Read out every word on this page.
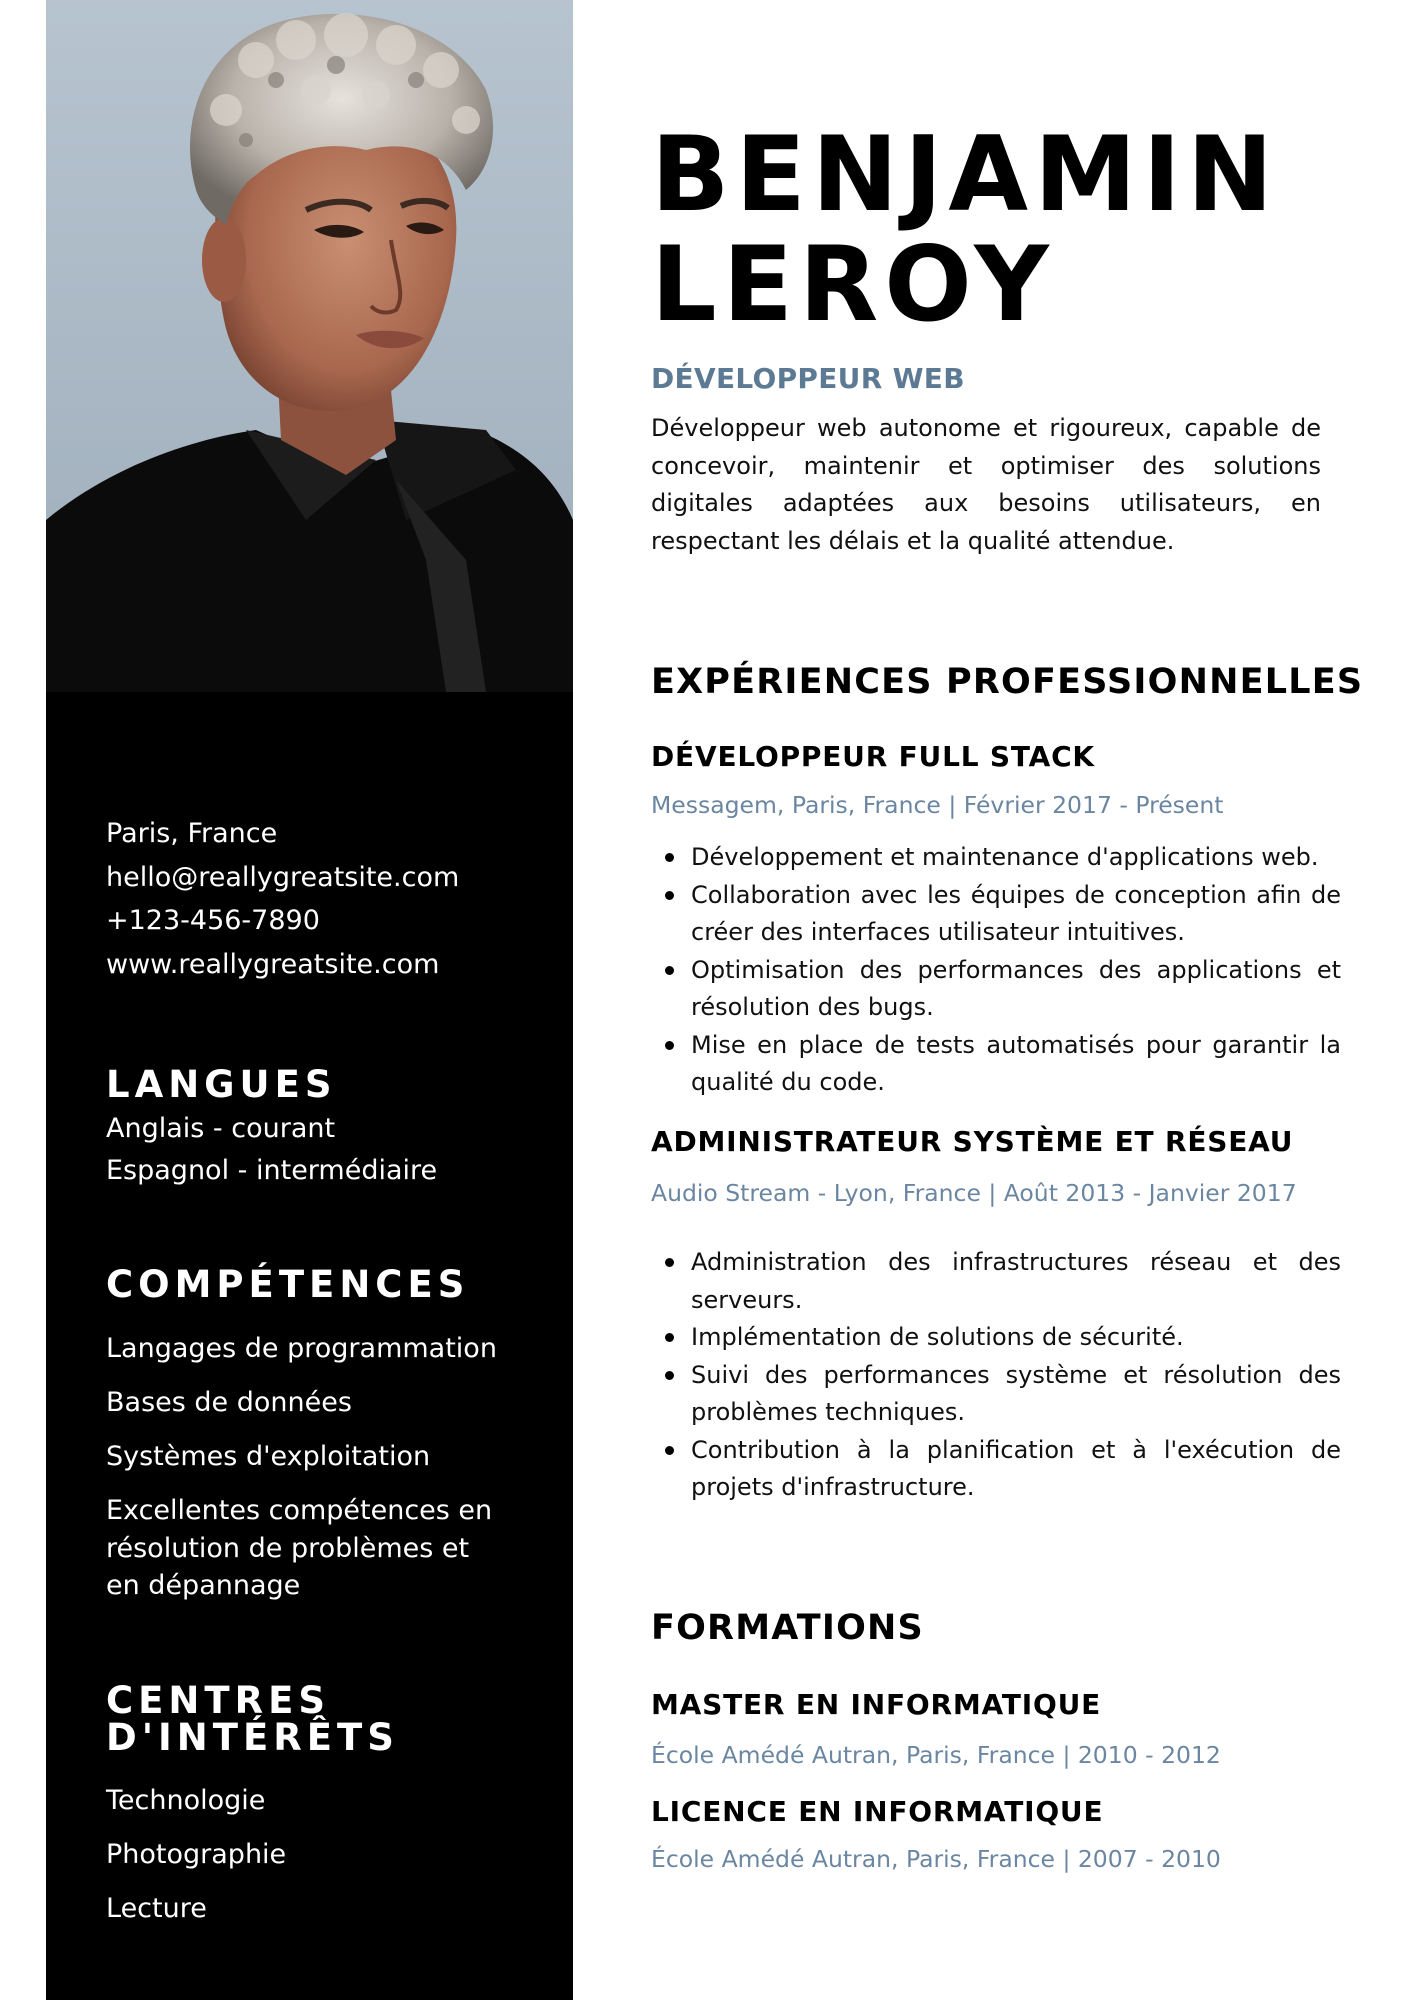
Paris, France
hello@reallygreatsite.com
+123-456-7890
www.reallygreatsite.com
LANGUES
Anglais - courant
Espagnol - intermédiaire
COMPÉTENCES
Langages de programmation
Bases de données
Systèmes d'exploitation
Excellentes compétences en résolution de problèmes et en dépannage
CENTRES
D'INTÉRÊTS
Technologie
Photographie
Lecture
BENJAMIN
LEROY
DÉVELOPPEUR WEB
Développeur web autonome et rigoureux, capable de concevoir, maintenir et optimiser des solutions digitales adaptées aux besoins utilisateurs, en respectant les délais et la qualité attendue.
EXPÉRIENCES PROFESSIONNELLES
DÉVELOPPEUR FULL STACK
Messagem, Paris, France | Février 2017 - Présent
Développement et maintenance d'applications web.
Collaboration avec les équipes de conception afin de créer des interfaces utilisateur intuitives.
Optimisation des performances des applications et résolution des bugs.
Mise en place de tests automatisés pour garantir la qualité du code.
ADMINISTRATEUR SYSTÈME ET RÉSEAU
Audio Stream - Lyon, France | Août 2013 - Janvier 2017
Administration des infrastructures réseau et des serveurs.
Implémentation de solutions de sécurité.
Suivi des performances système et résolution des problèmes techniques.
Contribution à la planification et à l'exécution de projets d'infrastructure.
FORMATIONS
MASTER EN INFORMATIQUE
École Amédé Autran, Paris, France | 2010 - 2012
LICENCE EN INFORMATIQUE
École Amédé Autran, Paris, France | 2007 - 2010
